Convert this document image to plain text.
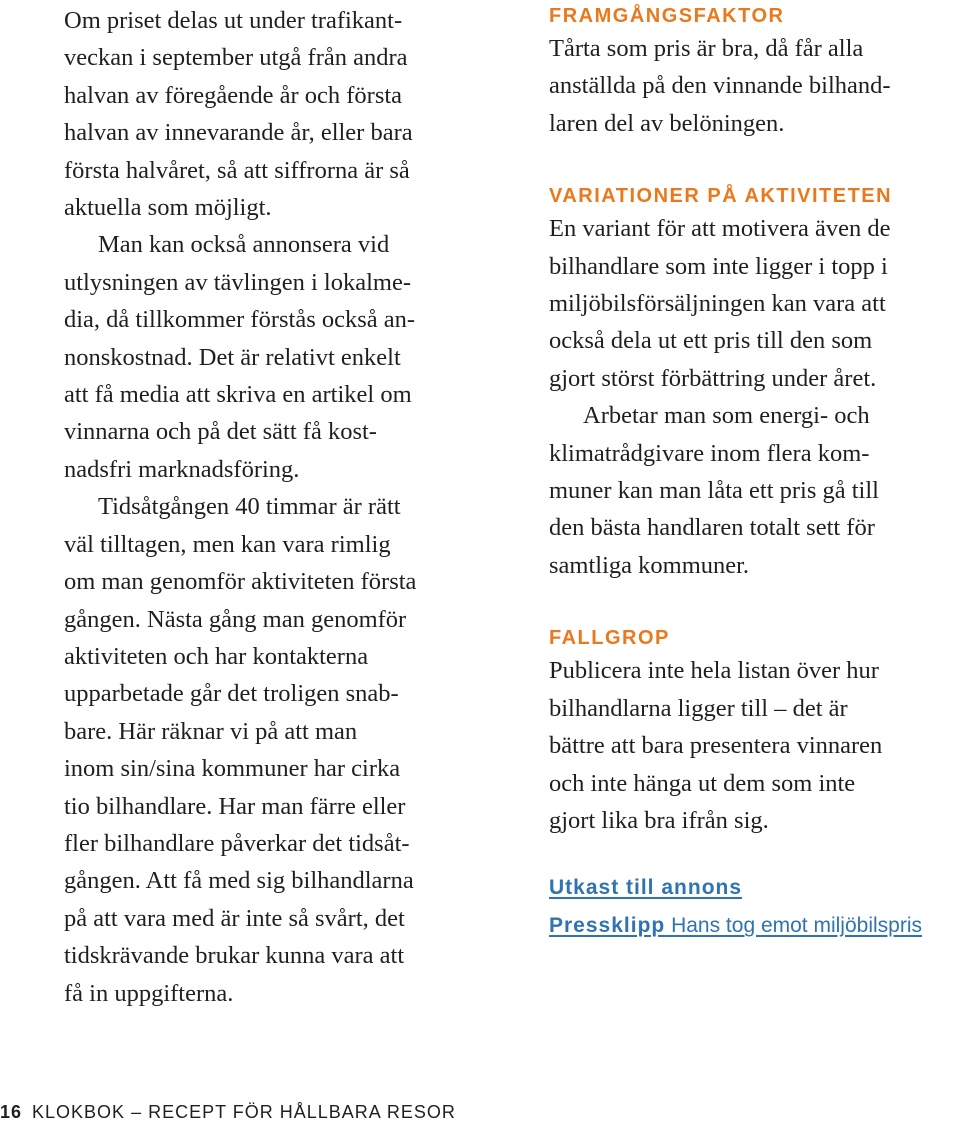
Om priset delas ut under trafikant-

veckan i september utgå från andra

halvan av föregående år och första

halvan av innevarande år, eller bara

första halvåret, så att siffrorna är så

aktuella som möjligt.

Man kan också annonsera vid

utlysningen av tävlingen i lokalme-

dia, då tillkommer förstås också an-

nonskostnad. Det är relativt enkelt

att få media att skriva en artikel om

vinnarna och på det sätt få kost-

nadsfri marknadsföring.

Tidsåtgången 40 timmar är rätt

väl tilltagen, men kan vara rimlig

om man genomför aktiviteten första

gången. Nästa gång man genomför

aktiviteten och har kontakterna

upparbetade går det troligen snab-

bare. Här räknar vi på att man

inom sin/sina kommuner har cirka

tio bilhandlare. Har man färre eller

fler bilhandlare påverkar det tidsåt-

gången. Att få med sig bilhandlarna

på att vara med är inte så svårt, det

tidskrävande brukar kunna vara att

få in uppgifterna.

FRAMGÅNGSFAKTOR

Tårta som pris är bra, då får alla

anställda på den vinnande bilhand-

laren del av belöningen.

VARIATIONER PÅ AKTIVITETEN

En variant för att motivera även de

bilhandlare som inte ligger i topp i

miljöbilsförsäljningen kan vara att

också dela ut ett pris till den som

gjort störst förbättring under året.

Arbetar man som energi- och

klimatrådgivare inom flera kom-

muner kan man låta ett pris gå till

den bästa handlaren totalt sett för

samtliga kommuner.

FALLGROP

Publicera inte hela listan över hur

bilhandlarna ligger till – det är

bättre att bara presentera vinnaren

och inte hänga ut dem som inte

gjort lika bra ifrån sig.

Utkast till annons
Pressklipp Hans tog emot miljöbilspris
16 KLOKBOK – RECEPT FÖR HÅLLBARA RESOR
